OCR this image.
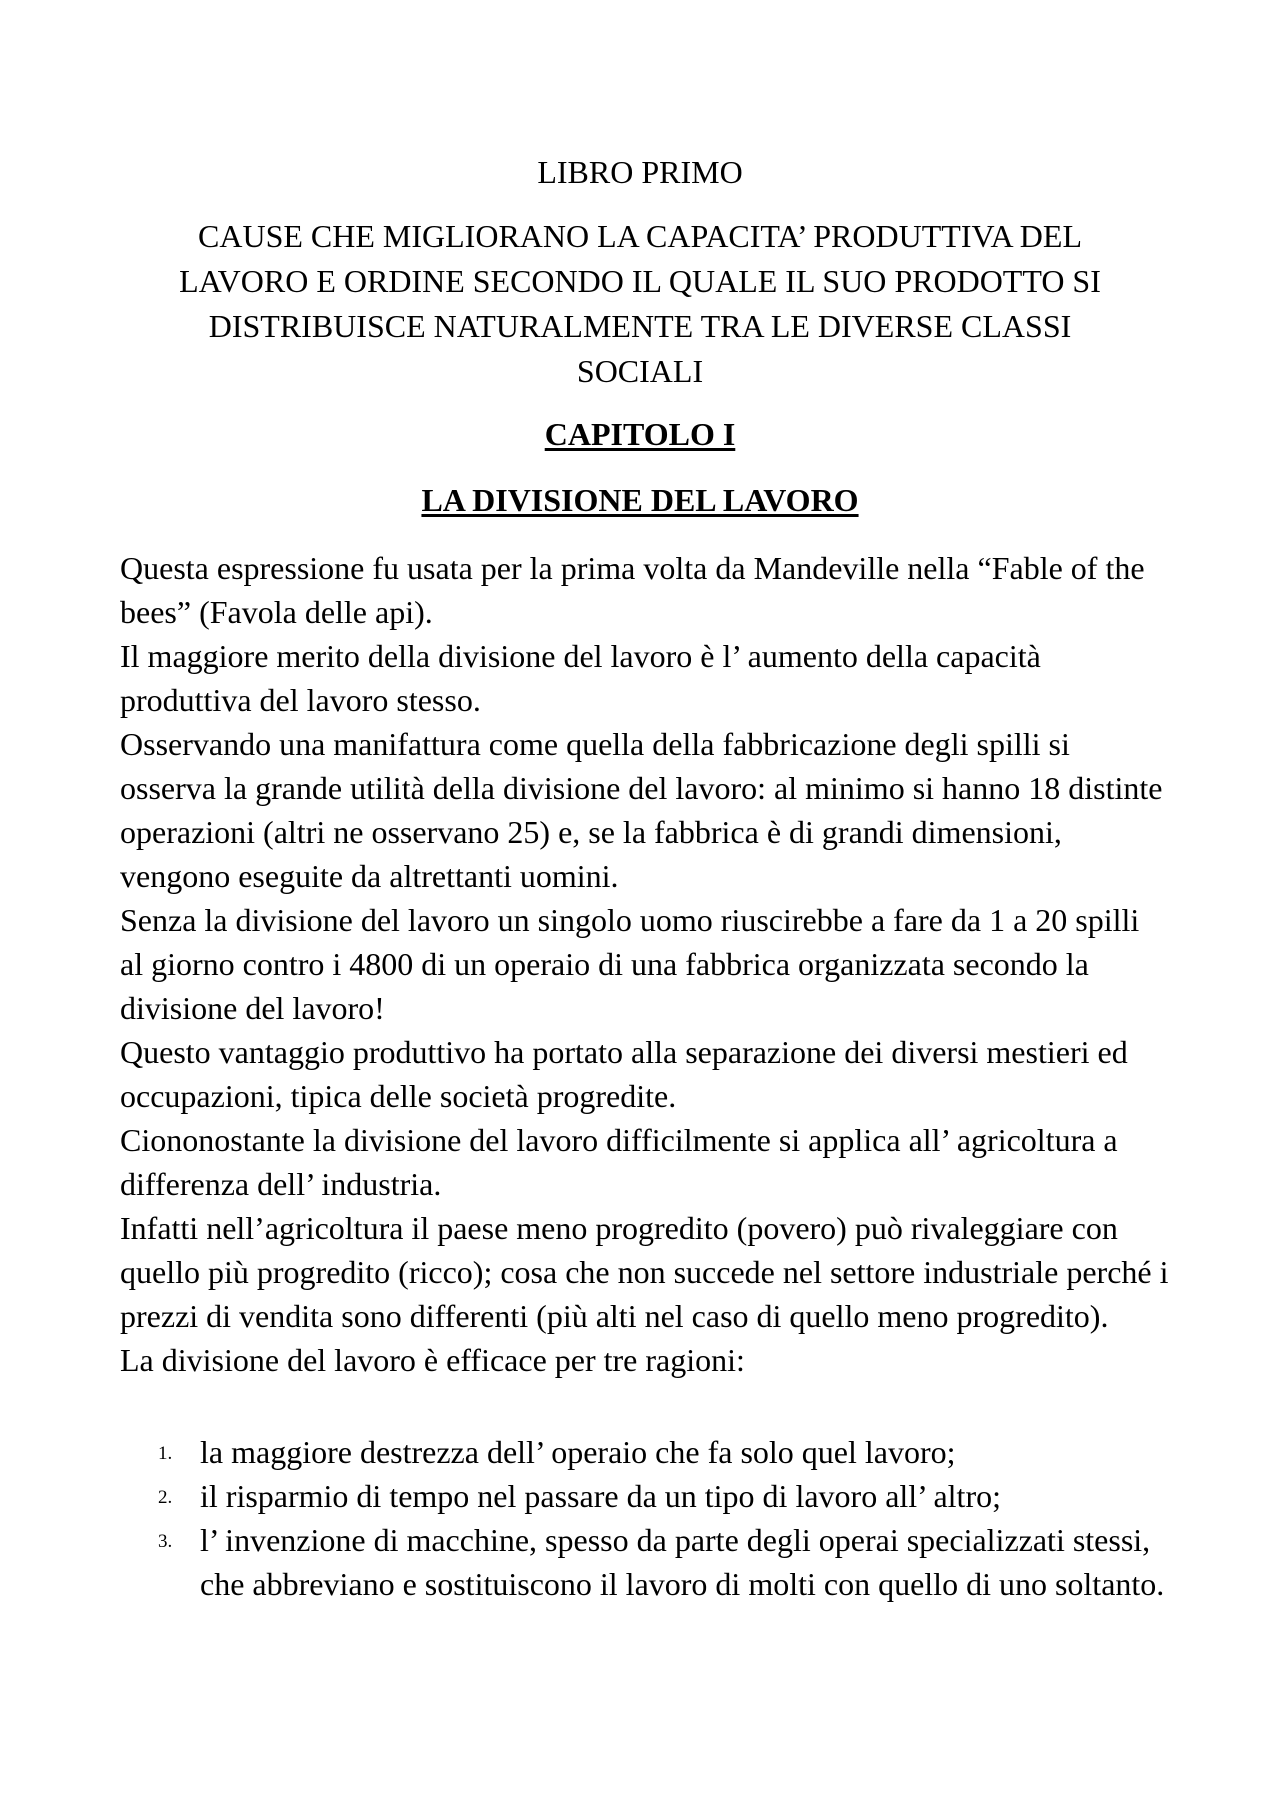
LIBRO PRIMO
CAUSE CHE MIGLIORANO LA CAPACITA’ PRODUTTIVA DEL
LAVORO E ORDINE SECONDO IL QUALE IL SUO PRODOTTO SI
DISTRIBUISCE NATURALMENTE TRA LE DIVERSE CLASSI
SOCIALI
CAPITOLO I
LA DIVISIONE DEL LAVORO

Questa espressione fu usata per la prima volta da Mandeville nella “Fable of the bees” (Favola delle api).

Il maggiore merito della divisione del lavoro è l’ aumento della capacità produttiva del lavoro stesso.

Osservando una manifattura come quella della fabbricazione degli spilli si osserva la grande utilità della divisione del lavoro: al minimo si hanno 18 distinte operazioni (altri ne osservano 25) e, se la fabbrica è di grandi dimensioni, vengono eseguite da altrettanti uomini.

Senza la divisione del lavoro un singolo uomo riuscirebbe a fare da 1 a 20 spilli al giorno contro i 4800 di un operaio di una fabbrica organizzata secondo la divisione del lavoro!

Questo vantaggio produttivo ha portato alla separazione dei diversi mestieri ed occupazioni, tipica delle società progredite.

Ciononostante la divisione del lavoro difficilmente si applica all’ agricoltura a differenza dell’ industria.

Infatti nell’agricoltura il paese meno progredito (povero) può rivaleggiare con quello più progredito (ricco); cosa che non succede nel settore industriale perché i prezzi di vendita sono differenti (più alti nel caso di quello meno progredito).

La divisione del lavoro è efficace per tre ragioni:

1. la maggiore destrezza dell’ operaio che fa solo quel lavoro;
2. il risparmio di tempo nel passare da un tipo di lavoro all’ altro;
3. l’ invenzione di macchine, spesso da parte degli operai specializzati stessi, che abbreviano e sostituiscono il lavoro di molti con quello di uno soltanto.
